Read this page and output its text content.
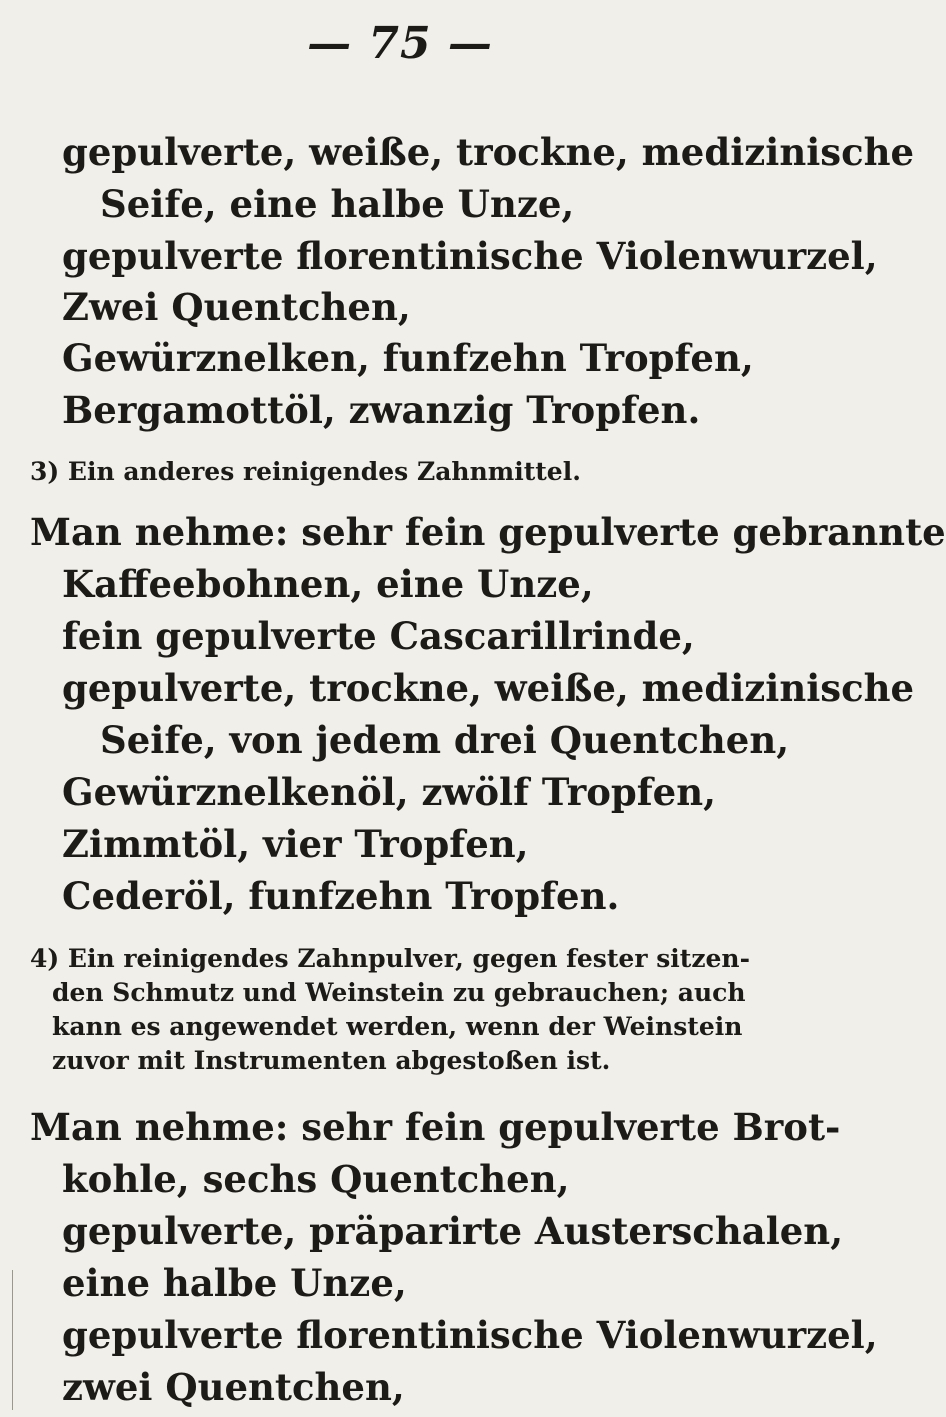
— 75 —
gepulverte, weiße, trockne, medizinische
Seife, eine halbe Unze,
gepulverte florentinische Violenwurzel,
Zwei Quentchen,
Gewürznelken, funfzehn Tropfen,
Bergamottöl, zwanzig Tropfen.
3) Ein anderes reinigendes Zahnmittel.
Man nehme: sehr fein gepulverte gebrannte
Kaffeebohnen, eine Unze,
fein gepulverte Cascarillrinde,
gepulverte, trockne, weiße, medizinische
Seife, von jedem drei Quentchen,
Gewürznelkenöl, zwölf Tropfen,
Zimmtöl, vier Tropfen,
Cederöl, funfzehn Tropfen.
4) Ein reinigendes Zahnpulver, gegen fester sitzen-
den Schmutz und Weinstein zu gebrauchen; auch
kann es angewendet werden, wenn der Weinstein
zuvor mit Instrumenten abgestoßen ist.
Man nehme: sehr fein gepulverte Brot-
kohle, sechs Quentchen,
gepulverte, präparirte Austerschalen,
eine halbe Unze,
gepulverte florentinische Violenwurzel,
zwei Quentchen,
